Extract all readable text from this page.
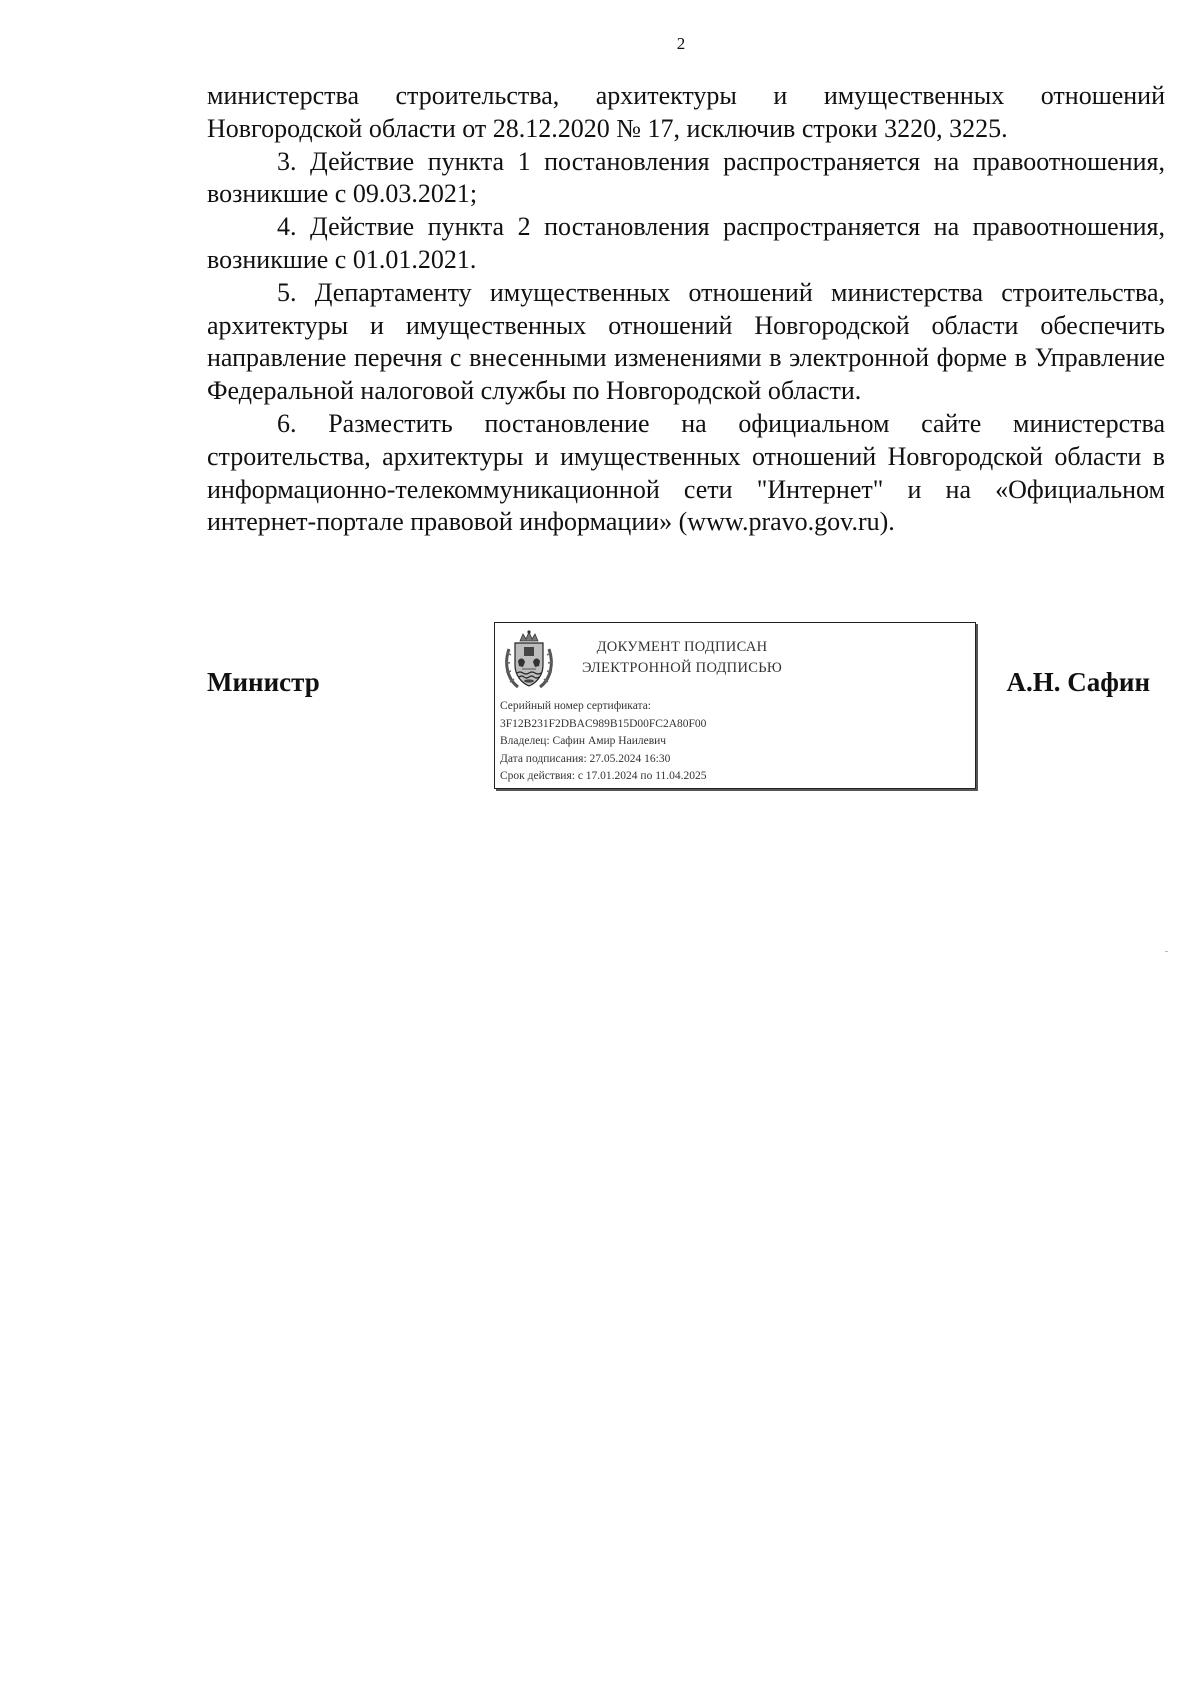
2

министерства строительства, архитектуры и имущественных отношений Новгородской области от 28.12.2020 № 17, исключив строки 3220, 3225.

3. Действие пункта 1 постановления распространяется на правоотношения, возникшие с 09.03.2021;

4. Действие пункта 2 постановления распространяется на правоотношения, возникшие с 01.01.2021.

5. Департаменту имущественных отношений министерства строительства, архитектуры и имущественных отношений Новгородской области обеспечить направление перечня с внесенными изменениями в электронной форме в Управление Федеральной налоговой службы по Новгородской области.

6. Разместить постановление на официальном сайте министерства строительства, архитектуры и имущественных отношений Новгородской области в информационно-телекоммуникационной сети "Интернет" и на «Официальном интернет-портале правовой информации» (www.pravo.gov.ru).

Министр	А.Н. Сафин
ДОКУМЕНТ ПОДПИСАН
ЭЛЕКТРОННОЙ ПОДПИСЬЮ
Серийный номер сертификата:
3F12B231F2DBAC989B15D00FC2A80F00
Владелец: Сафин Амир Наилевич
Дата подписания: 27.05.2024 16:30
Срок действия: с 17.01.2024 по 11.04.2025
